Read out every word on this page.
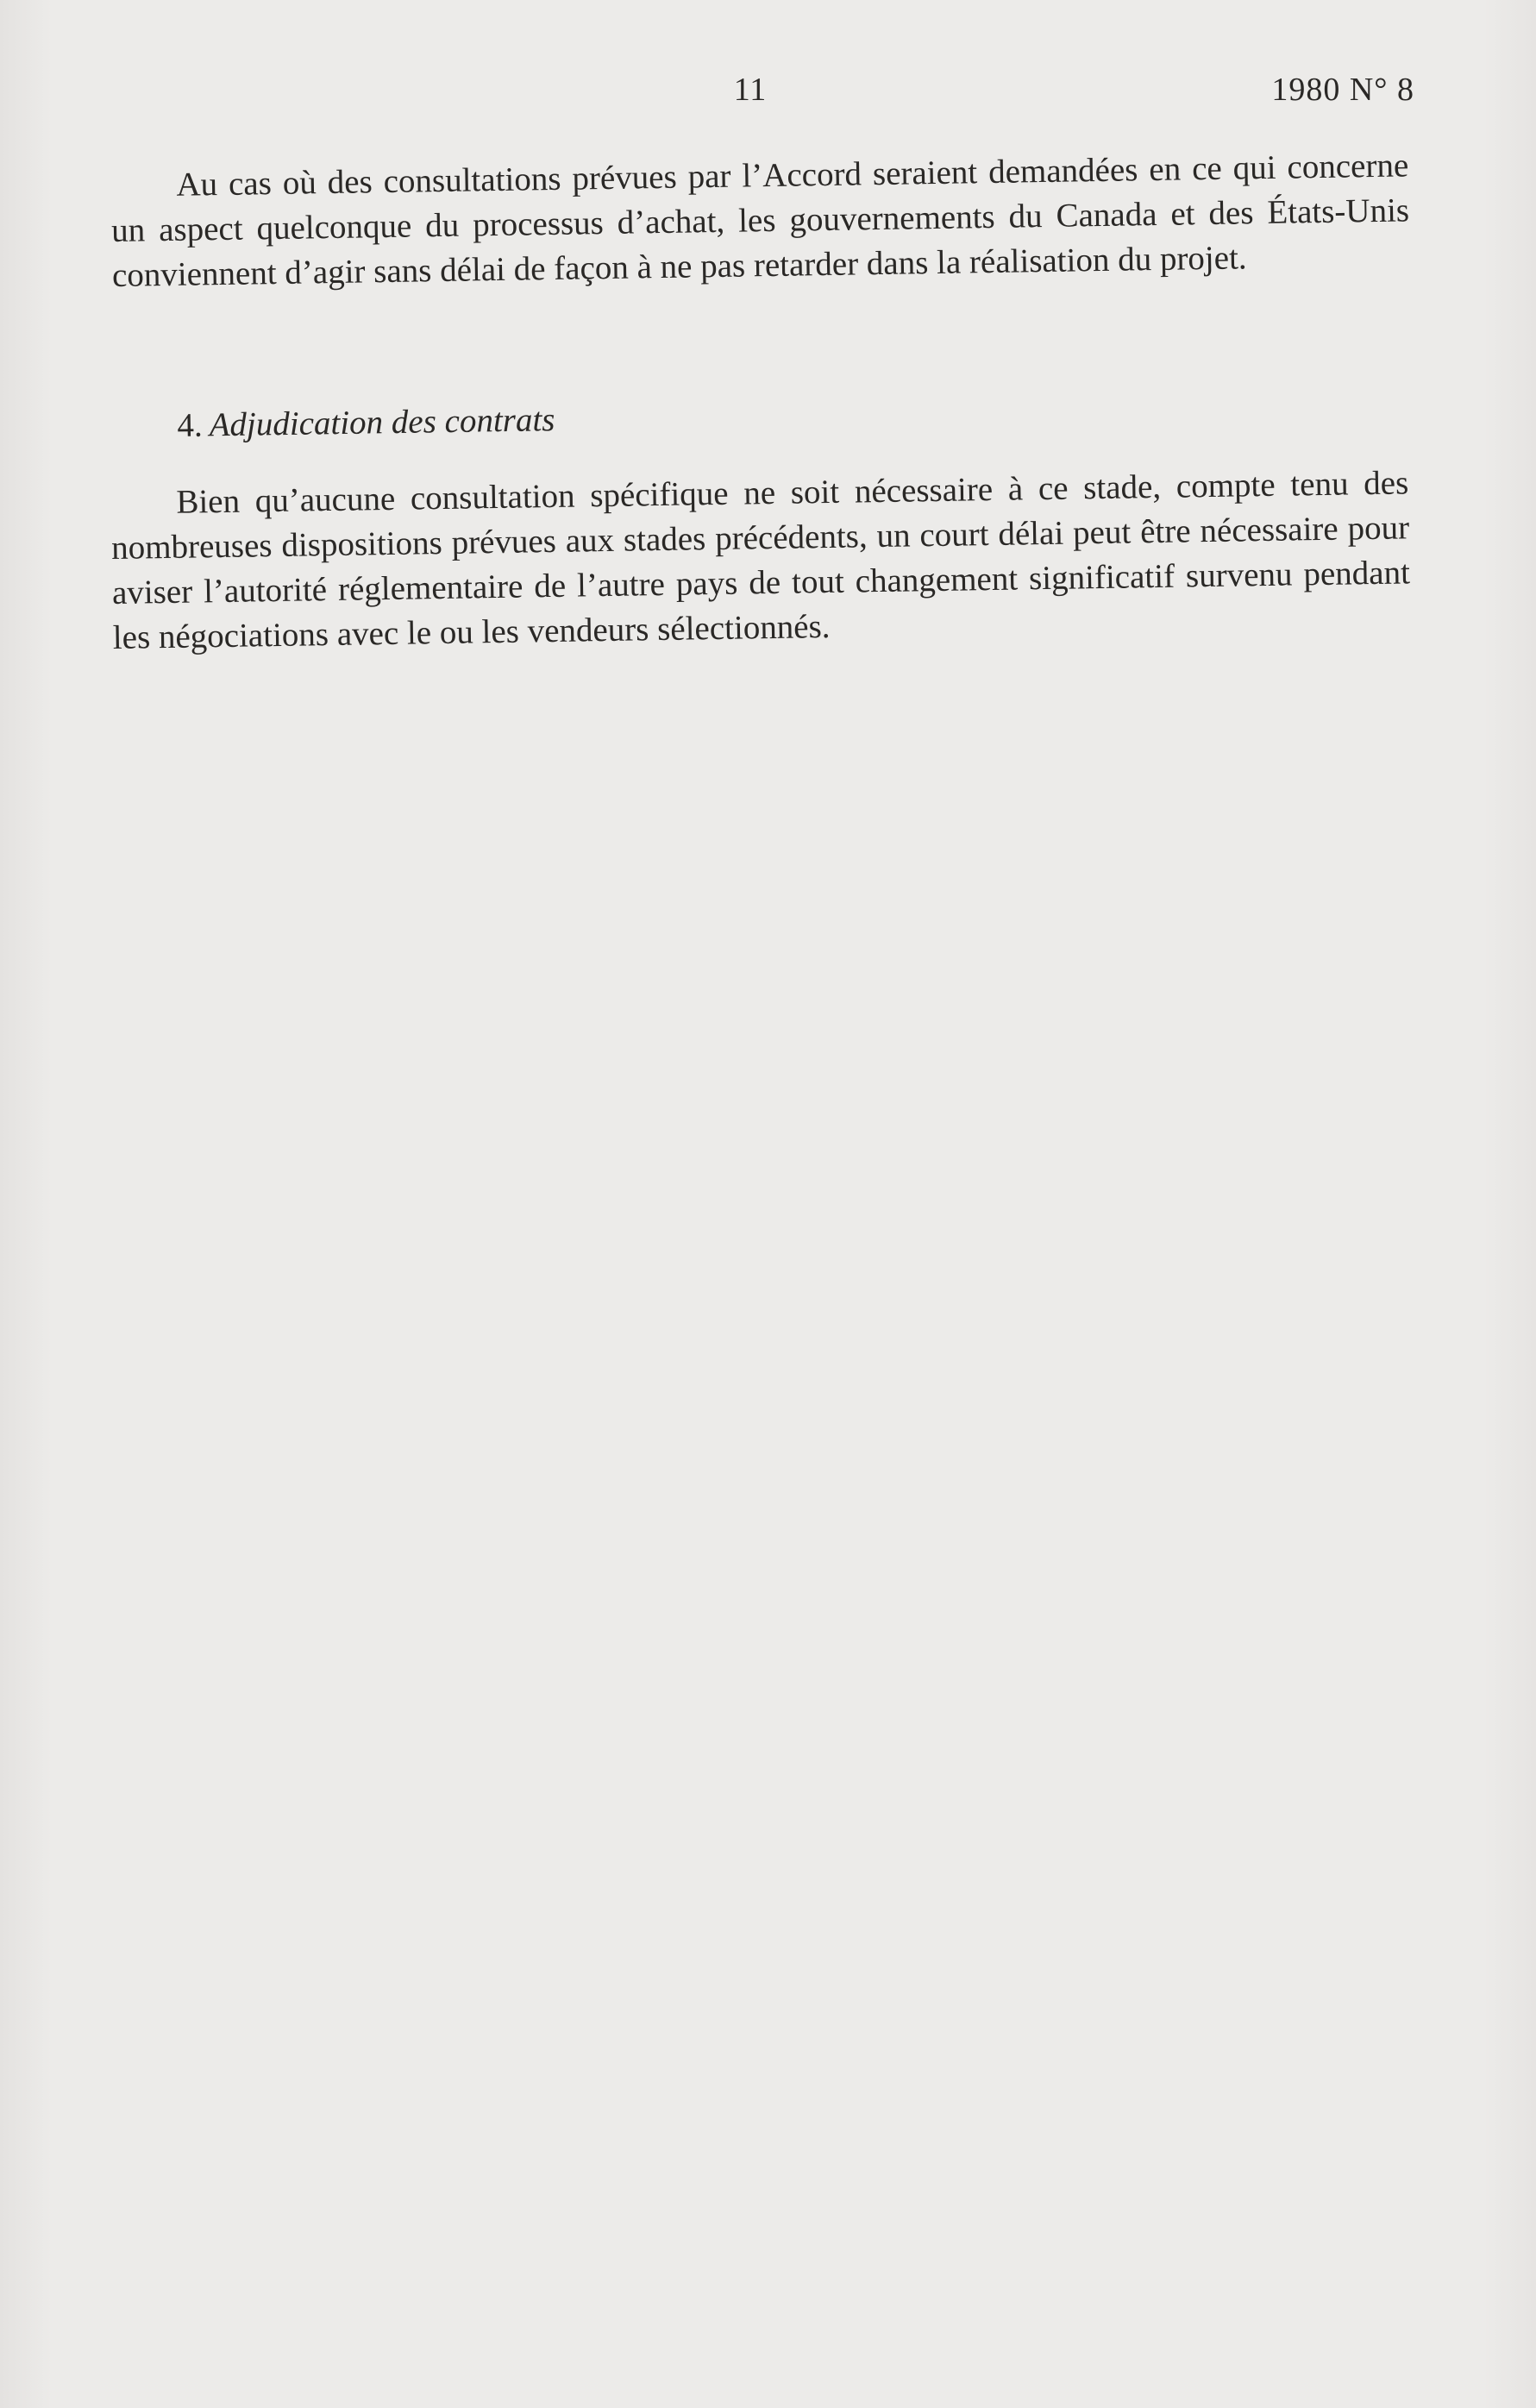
11	1980 N° 8

Au cas où des consultations prévues par l’Accord seraient demandées en ce qui concerne un aspect quelconque du processus d’achat, les gouvernements du Canada et des États-Unis conviennent d’agir sans délai de façon à ne pas retarder dans la réalisation du projet.

4. Adjudication des contrats

Bien qu’aucune consultation spécifique ne soit nécessaire à ce stade, compte tenu des nombreuses dispositions prévues aux stades précédents, un court délai peut être nécessaire pour aviser l’autorité réglementaire de l’autre pays de tout changement significatif survenu pendant les négociations avec le ou les vendeurs sélectionnés.
